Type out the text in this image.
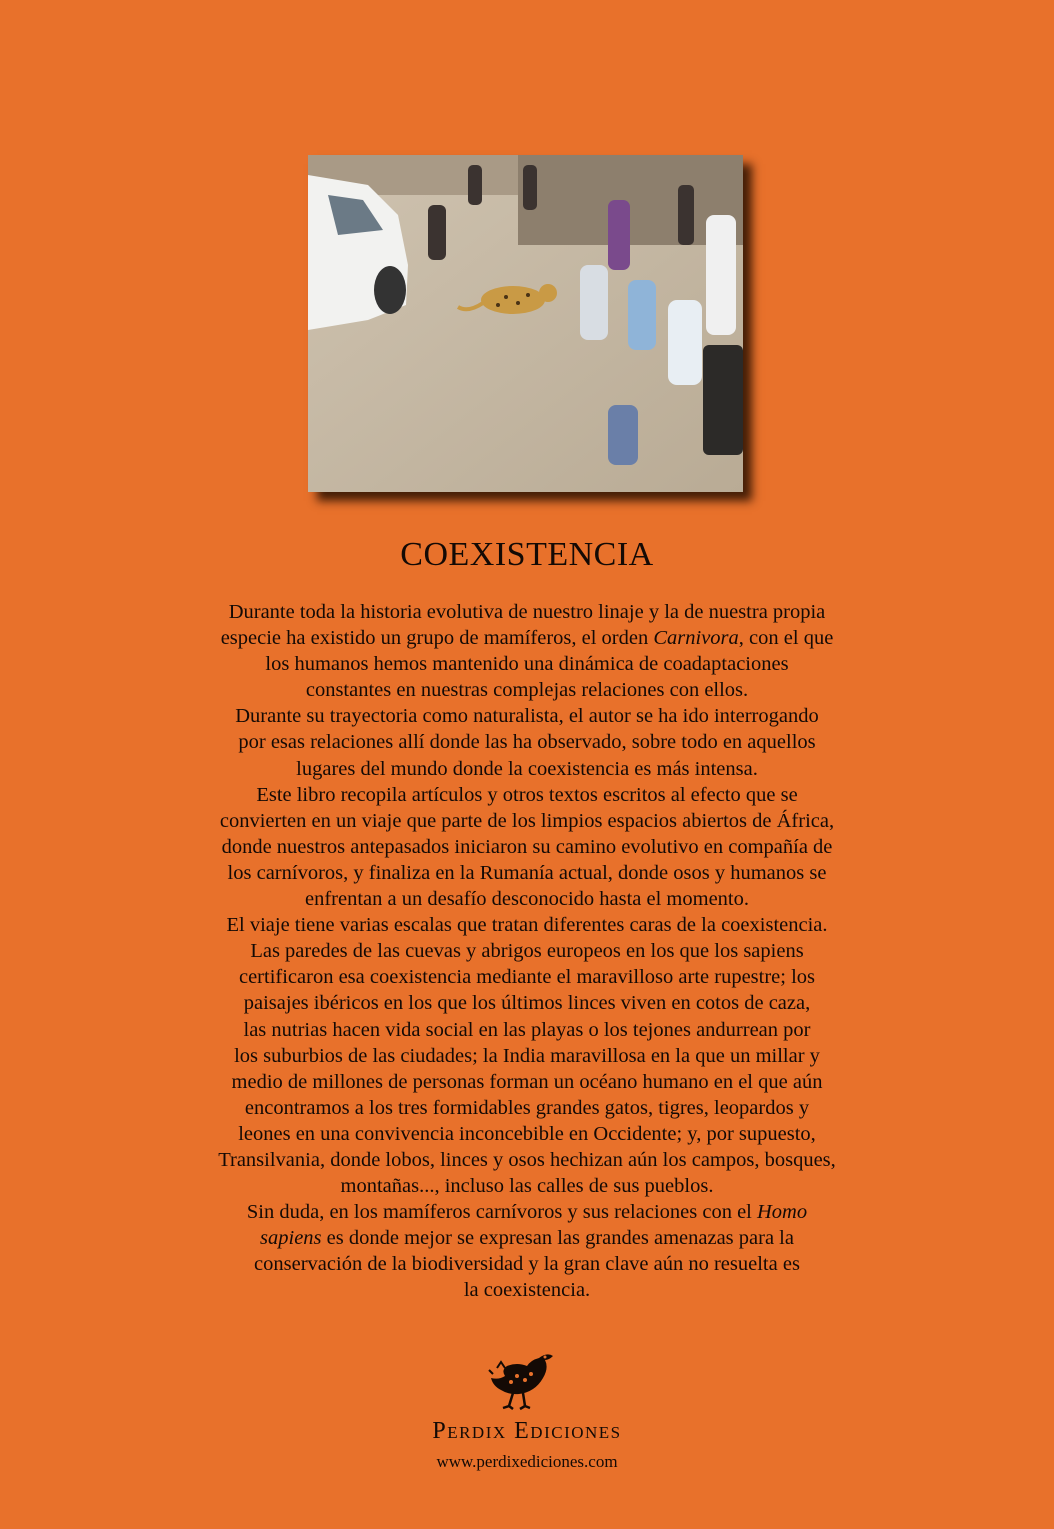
COEXISTENCIA

Durante toda la historia evolutiva de nuestro linaje y la de nuestra propia
especie ha existido un grupo de mamíferos, el orden Carnivora, con el que
los humanos hemos mantenido una dinámica de coadaptaciones
constantes en nuestras complejas relaciones con ellos.

Durante su trayectoria como naturalista, el autor se ha ido interrogando
por esas relaciones allí donde las ha observado, sobre todo en aquellos
lugares del mundo donde la coexistencia es más intensa.

Este libro recopila artículos y otros textos escritos al efecto que se
convierten en un viaje que parte de los limpios espacios abiertos de África,
donde nuestros antepasados iniciaron su camino evolutivo en compañía de
los carnívoros, y finaliza en la Rumanía actual, donde osos y humanos se
enfrentan a un desafío desconocido hasta el momento.

El viaje tiene varias escalas que tratan diferentes caras de la coexistencia.
Las paredes de las cuevas y abrigos europeos en los que los sapiens
certificaron esa coexistencia mediante el maravilloso arte rupestre; los
paisajes ibéricos en los que los últimos linces viven en cotos de caza,
las nutrias hacen vida social en las playas o los tejones andurrean por
los suburbios de las ciudades; la India maravillosa en la que un millar y
medio de millones de personas forman un océano humano en el que aún
encontramos a los tres formidables grandes gatos, tigres, leopardos y
leones en una convivencia inconcebible en Occidente; y, por supuesto,
Transilvania, donde lobos, linces y osos hechizan aún los campos, bosques,
montañas..., incluso las calles de sus pueblos.

Sin duda, en los mamíferos carnívoros y sus relaciones con el Homo
sapiens es donde mejor se expresan las grandes amenazas para la
conservación de la biodiversidad y la gran clave aún no resuelta es
la coexistencia.

Perdix Ediciones

www.perdixediciones.com
